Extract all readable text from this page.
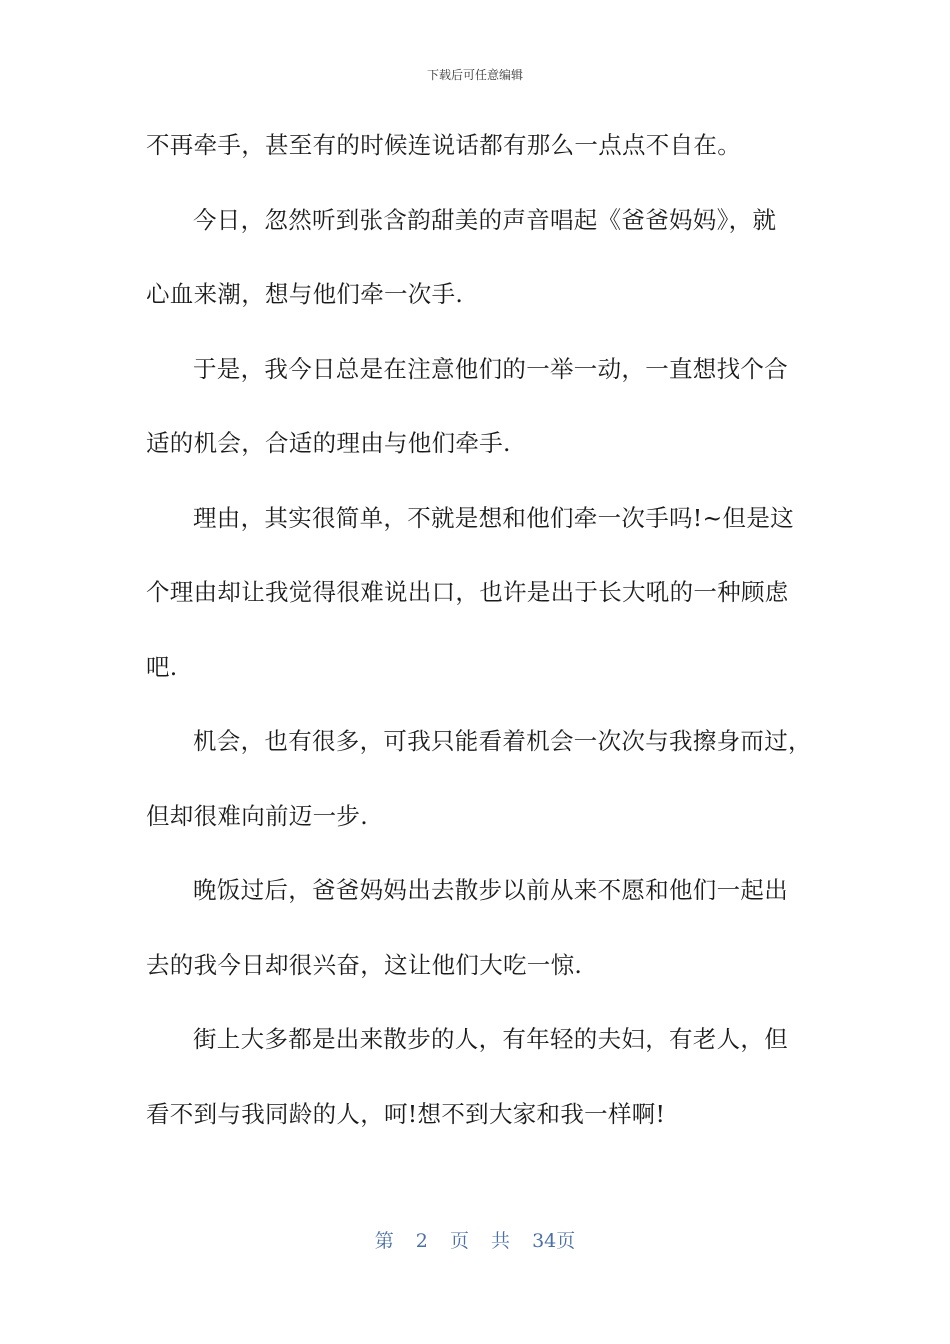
下载后可任意编辑
不再牵手，甚至有的时候连说话都有那么一点点不自在。
今日，忽然听到张含韵甜美的声音唱起《爸爸妈妈》，就
心血来潮，想与他们牵一次手.
于是，我今日总是在注意他们的一举一动，一直想找个合
适的机会，合适的理由与他们牵手.
理由，其实很简单，不就是想和他们牵一次手吗!~但是这
个理由却让我觉得很难说出口，也许是出于长大吼的一种顾虑
吧.
机会，也有很多，可我只能看着机会一次次与我擦身而过，
但却很难向前迈一步.
晚饭过后，爸爸妈妈出去散步以前从来不愿和他们一起出
去的我今日却很兴奋，这让他们大吃一惊.
街上大多都是出来散步的人，有年轻的夫妇，有老人，但
看不到与我同龄的人，呵!想不到大家和我一样啊!
第 2 页 共 34页
